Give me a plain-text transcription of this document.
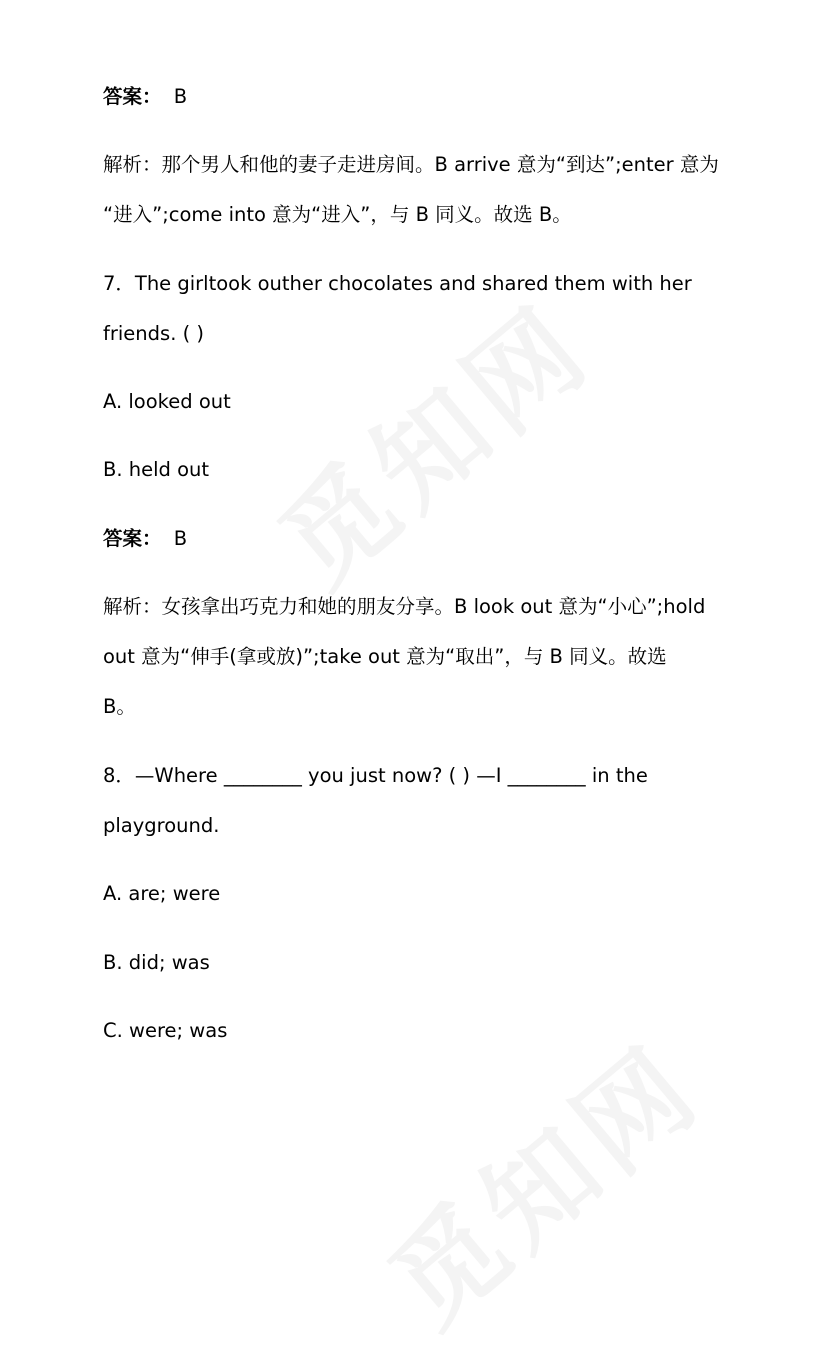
答案： B
解析：那个男人和他的妻子走进房间。B arrive 意为“到达”;enter 意为
“进入”;come into 意为“进入”，与 B 同义。故选 B。
7．The girltook outher chocolates and shared them with her
friends. ( )
A. looked out
B. held out
答案： B
解析：女孩拿出巧克力和她的朋友分享。B look out 意为“小心”;hold
out 意为“伸手(拿或放)”;take out 意为“取出”，与 B 同义。故选
B。
8．—Where ________ you just now? ( ) —I ________ in the
playground.
A. are; were
B. did; was
C. were; was
